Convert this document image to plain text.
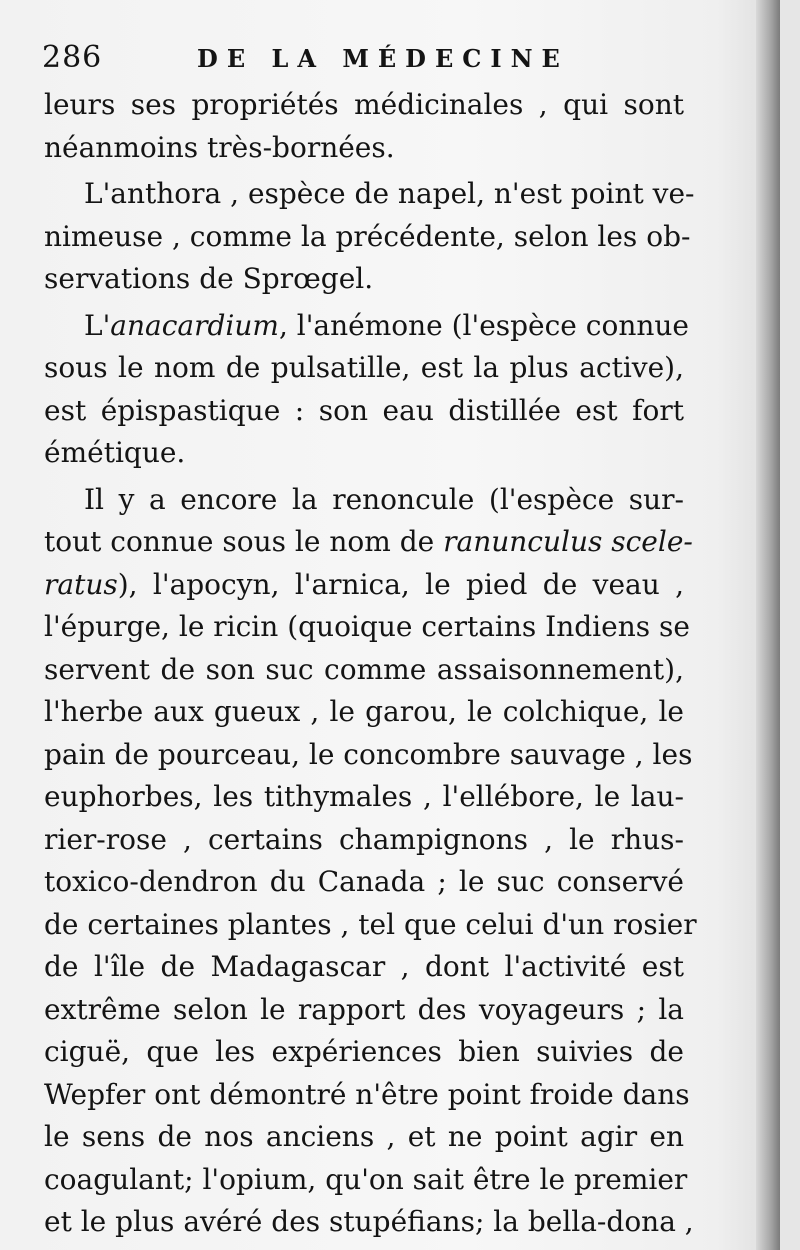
286	DE LA MÉDECINE
leurs ses propriétés médicinales , qui sont
néanmoins très-bornées.
L'anthora , espèce de napel, n'est point ve-
nimeuse , comme la précédente, selon les ob-
servations de Sprœgel.
L'anacardium, l'anémone (l'espèce connue
sous le nom de pulsatille, est la plus active),
est épispastique : son eau distillée est fort
émétique.
Il y a encore la renoncule (l'espèce sur-
tout connue sous le nom de ranunculus scele-
ratus), l'apocyn, l'arnica, le pied de veau ,
l'épurge, le ricin (quoique certains Indiens se
servent de son suc comme assaisonnement),
l'herbe aux gueux , le garou, le colchique, le
pain de pourceau, le concombre sauvage , les
euphorbes, les tithymales , l'ellébore, le lau-
rier-rose , certains champignons , le rhus-
toxico-dendron du Canada ; le suc conservé
de certaines plantes , tel que celui d'un rosier
de l'île de Madagascar , dont l'activité est
extrême selon le rapport des voyageurs ; la
ciguë, que les expériences bien suivies de
Wepfer ont démontré n'être point froide dans
le sens de nos anciens , et ne point agir en
coagulant; l'opium, qu'on sait être le premier
et le plus avéré des stupéfians; la bella-dona ,
